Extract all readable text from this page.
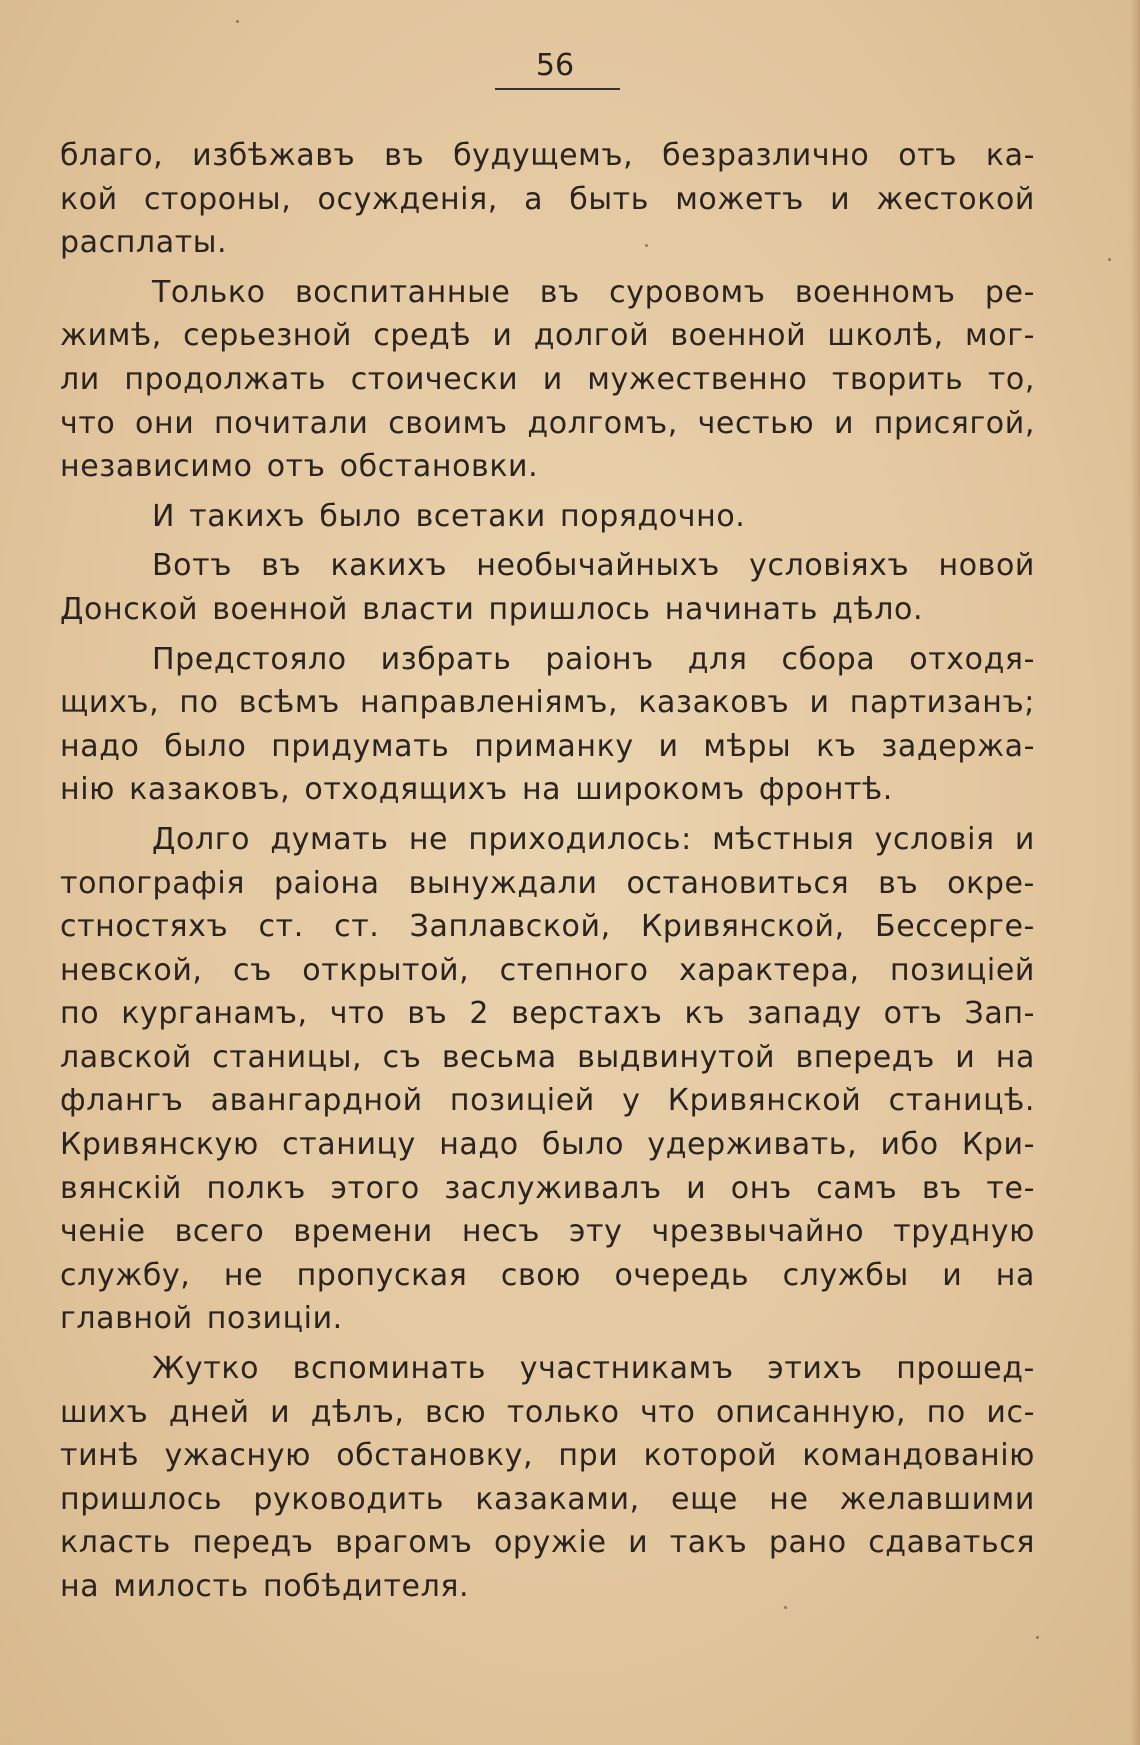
56
благо, избѣжавъ въ будущемъ, безразлично отъ ка-
кой стороны, осужденія, а быть можетъ и жестокой
расплаты.
Только воспитанные въ суровомъ военномъ ре-
жимѣ, серьезной средѣ и долгой военной школѣ, мог-
ли продолжать стоически и мужественно творить то,
что они почитали своимъ долгомъ, честью и присягой,
независимо отъ обстановки.
И такихъ было всетаки порядочно.
Вотъ въ какихъ необычайныхъ условіяхъ новой
Донской военной власти пришлось начинать дѣло.
Предстояло избрать раіонъ для сбора отходя-
щихъ, по всѣмъ направленіямъ, казаковъ и партизанъ;
надо было придумать приманку и мѣры къ задержа-
нію казаковъ, отходящихъ на широкомъ фронтѣ.
Долго думать не приходилось: мѣстныя условія и
топографія раіона вынуждали остановиться въ окре-
стностяхъ ст. ст. Заплавской, Кривянской, Бессерге-
невской, съ открытой, степного характера, позиціей
по курганамъ, что въ 2 верстахъ къ западу отъ Зап-
лавской станицы, съ весьма выдвинутой впередъ и на
флангъ авангардной позиціей у Кривянской станицѣ.
Кривянскую станицу надо было удерживать, ибо Кри-
вянскій полкъ этого заслуживалъ и онъ самъ въ те-
ченіе всего времени несъ эту чрезвычайно трудную
службу, не пропуская свою очередь службы и на
главной позиціи.
Жутко вспоминать участникамъ этихъ прошед-
шихъ дней и дѣлъ, всю только что описанную, по ис-
тинѣ ужасную обстановку, при которой командованію
пришлось руководить казаками, еще не желавшими
класть передъ врагомъ оружіе и такъ рано сдаваться
на милость побѣдителя.
